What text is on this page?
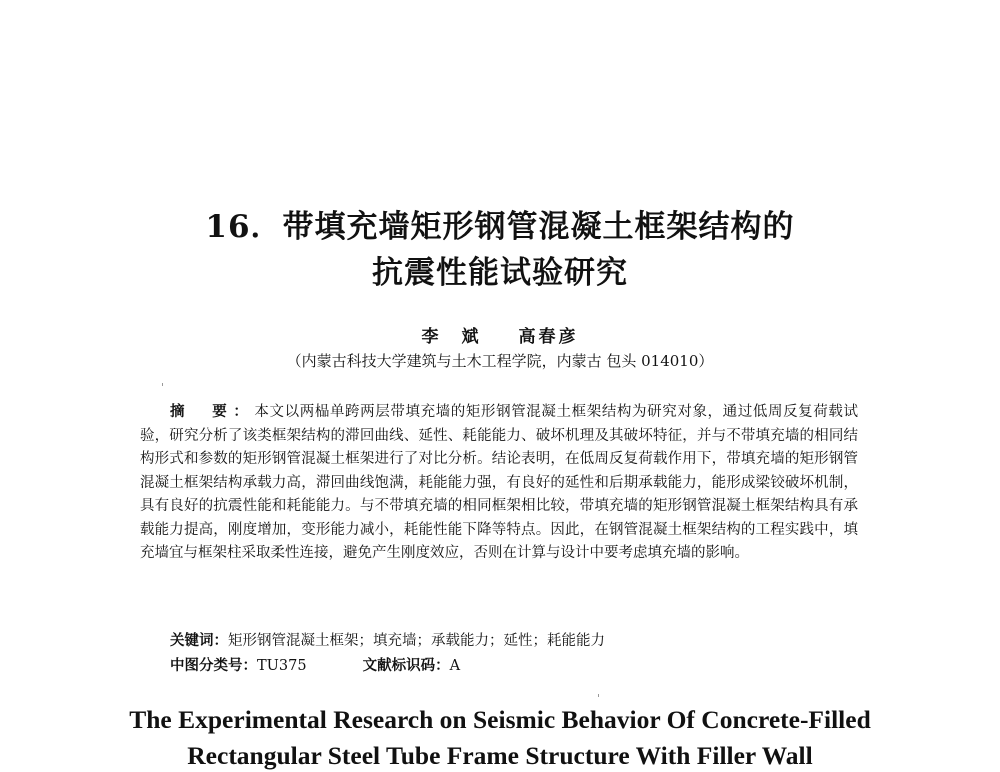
16．带填充墙矩形钢管混凝土框架结构的
抗震性能试验研究
李　斌 高春彦
（内蒙古科技大学建筑与土木工程学院，内蒙古 包头 014010）

摘　要：本文以两榀单跨两层带填充墙的矩形钢管混凝土框架结构为研究对象，通过低周反复荷载试验，研究分析了该类框架结构的滞回曲线、延性、耗能能力、破坏机理及其破坏特征，并与不带填充墙的相同结构形式和参数的矩形钢管混凝土框架进行了对比分析。结论表明，在低周反复荷载作用下，带填充墙的矩形钢管混凝土框架结构承载力高，滞回曲线饱满，耗能能力强，有良好的延性和后期承载能力，能形成梁铰破坏机制，具有良好的抗震性能和耗能能力。与不带填充墙的相同框架相比较，带填充墙的矩形钢管混凝土框架结构具有承载能力提高，刚度增加，变形能力减小，耗能性能下降等特点。因此，在钢管混凝土框架结构的工程实践中，填充墙宜与框架柱采取柔性连接，避免产生刚度效应，否则在计算与设计中要考虑填充墙的影响。

关键词：矩形钢管混凝土框架；填充墙；承载能力；延性；耗能能力
中图分类号：TU375	文献标识码：A
The Experimental Research on Seismic Behavior Of Concrete-Filled
Rectangular Steel Tube Frame Structure With Filler Wall
